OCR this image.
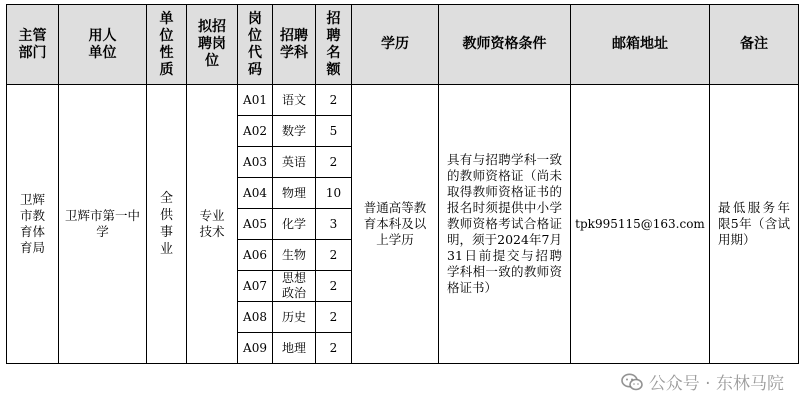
主管部门	用人单位	单位性质	拟招聘岗位	岗位代码	招聘学科	招聘名额	学历	教师资格条件	邮箱地址	备注
卫辉市教育体育局	卫辉市第一中学	全供事业	专业技术	A01	语文	2	普通高等教育本科及以上学历	具有与招聘学科一致的教师资格证（尚未取得教师资格证书的报名时须提供中小学教师资格考试合格证明，须于2024年7月31日前提交与招聘学科相一致的教师资格证书）	tpk995115@163.com	最低服务年限5年（含试用期）

				A02	数学	5				
				A03	英语	2				
				A04	物理	10				
				A05	化学	3				
				A06	生物	2				
				A07	思想政治	2				
				A08	历史	2				
				A09	地理	2				
公众号 · 东林马院
